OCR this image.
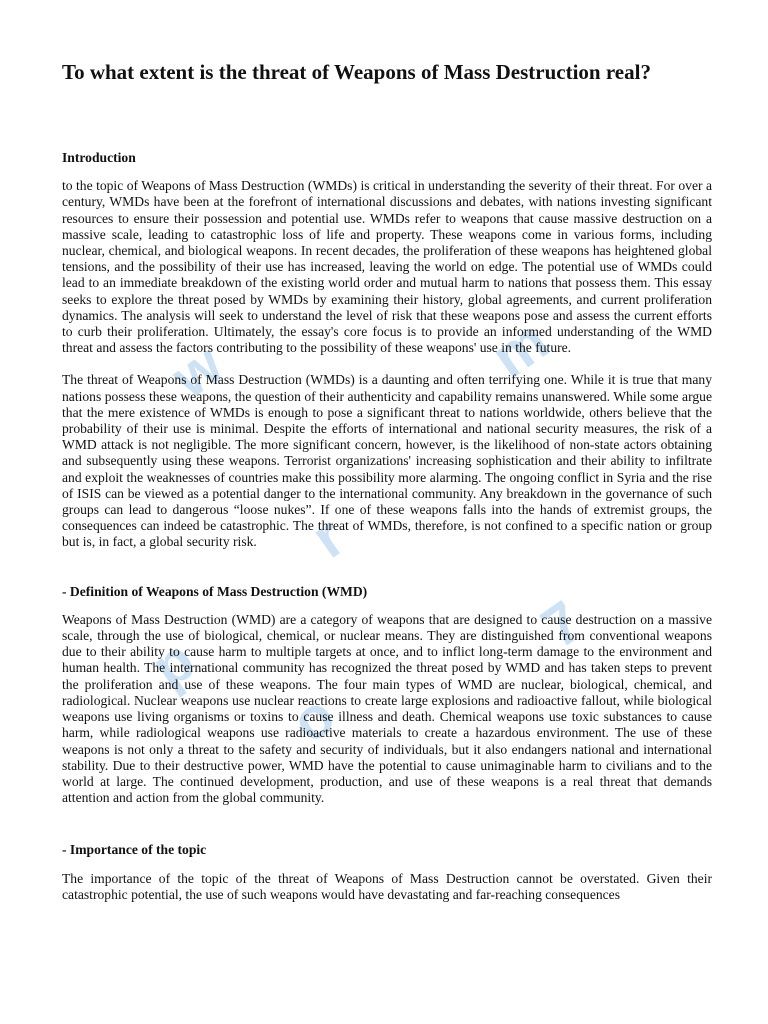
w	m
r
p
7
o
To what extent is the threat of Weapons of Mass Destruction real?
Introduction

to the topic of Weapons of Mass Destruction (WMDs) is critical in understanding the severity of their threat. For over a century, WMDs have been at the forefront of international discussions and debates, with nations investing significant resources to ensure their possession and potential use. WMDs refer to weapons that cause massive destruction on a massive scale, leading to catastrophic loss of life and property. These weapons come in various forms, including nuclear, chemical, and biological weapons. In recent decades, the proliferation of these weapons has heightened global tensions, and the possibility of their use has increased, leaving the world on edge. The potential use of WMDs could lead to an immediate breakdown of the existing world order and mutual harm to nations that possess them. This essay seeks to explore the threat posed by WMDs by examining their history, global agreements, and current proliferation dynamics. The analysis will seek to understand the level of risk that these weapons pose and assess the current efforts to curb their proliferation. Ultimately, the essay's core focus is to provide an informed understanding of the WMD threat and assess the factors contributing to the possibility of these weapons' use in the future.

The threat of Weapons of Mass Destruction (WMDs) is a daunting and often terrifying one. While it is true that many nations possess these weapons, the question of their authenticity and capability remains unanswered. While some argue that the mere existence of WMDs is enough to pose a significant threat to nations worldwide, others believe that the probability of their use is minimal. Despite the efforts of international and national security measures, the risk of a WMD attack is not negligible. The more significant concern, however, is the likelihood of non-state actors obtaining and subsequently using these weapons. Terrorist organizations' increasing sophistication and their ability to infiltrate and exploit the weaknesses of countries make this possibility more alarming. The ongoing conflict in Syria and the rise of ISIS can be viewed as a potential danger to the international community. Any breakdown in the governance of such groups can lead to dangerous “loose nukes”. If one of these weapons falls into the hands of extremist groups, the consequences can indeed be catastrophic. The threat of WMDs, therefore, is not confined to a specific nation or group but is, in fact, a global security risk.

- Definition of Weapons of Mass Destruction (WMD)

Weapons of Mass Destruction (WMD) are a category of weapons that are designed to cause destruction on a massive scale, through the use of biological, chemical, or nuclear means. They are distinguished from conventional weapons due to their ability to cause harm to multiple targets at once, and to inflict long-term damage to the environment and human health. The international community has recognized the threat posed by WMD and has taken steps to prevent the proliferation and use of these weapons. The four main types of WMD are nuclear, biological, chemical, and radiological. Nuclear weapons use nuclear reactions to create large explosions and radioactive fallout, while biological weapons use living organisms or toxins to cause illness and death. Chemical weapons use toxic substances to cause harm, while radiological weapons use radioactive materials to create a hazardous environment. The use of these weapons is not only a threat to the safety and security of individuals, but it also endangers national and international stability. Due to their destructive power, WMD have the potential to cause unimaginable harm to civilians and to the world at large. The continued development, production, and use of these weapons is a real threat that demands attention and action from the global community.

- Importance of the topic

The importance of the topic of the threat of Weapons of Mass Destruction cannot be overstated. Given their catastrophic potential, the use of such weapons would have devastating and far-reaching consequences
